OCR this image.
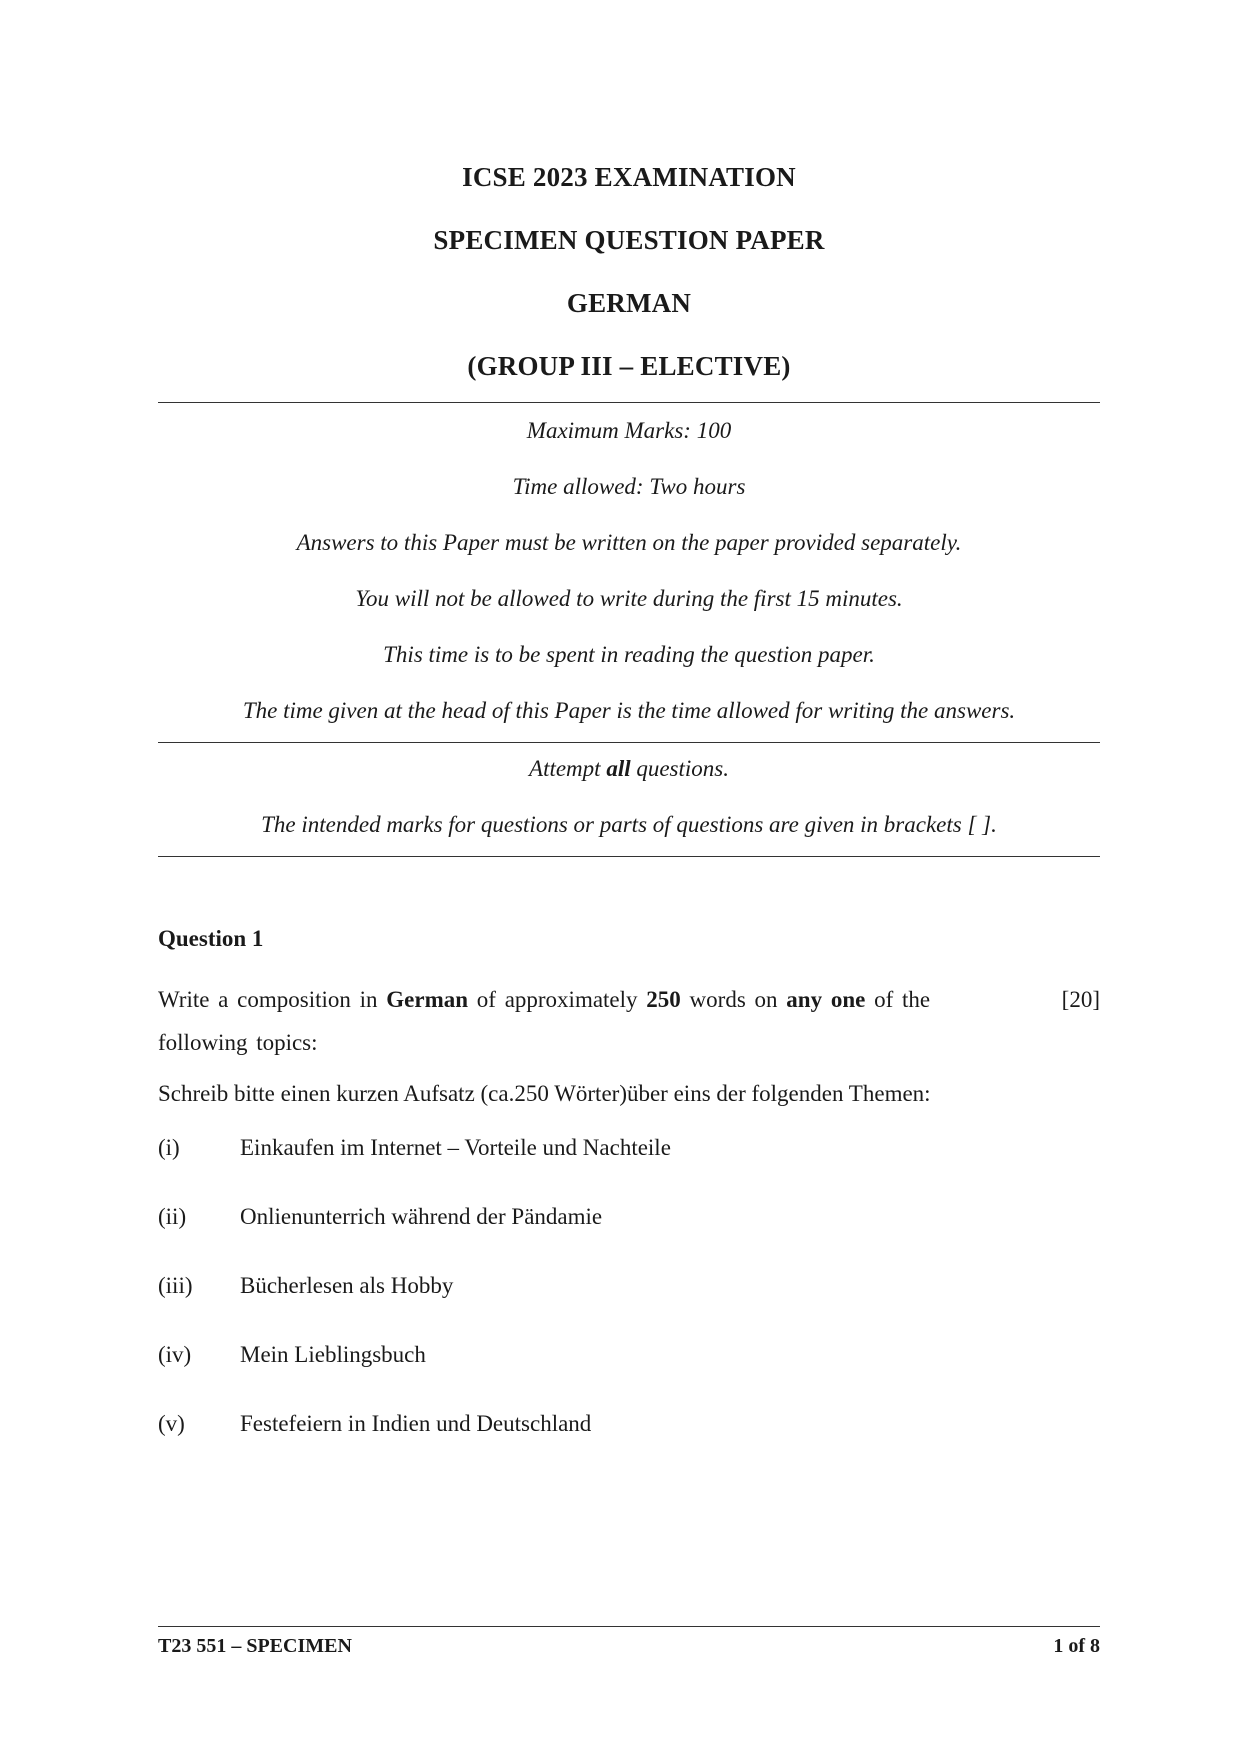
ICSE 2023 EXAMINATION
SPECIMEN QUESTION PAPER
GERMAN
(GROUP III – ELECTIVE)
Maximum Marks: 100
Time allowed: Two hours
Answers to this Paper must be written on the paper provided separately.
You will not be allowed to write during the first 15 minutes.
This time is to be spent in reading the question paper.
The time given at the head of this Paper is the time allowed for writing the answers.
Attempt all questions.
The intended marks for questions or parts of questions are given in brackets [ ].
Question 1
Write a composition in German of approximately 250 words on any one of the following topics:
[20]
Schreib bitte einen kurzen Aufsatz (ca.250 Wörter)über eins der folgenden Themen:
(i)	Einkaufen im Internet – Vorteile und Nachteile
(ii) Onlienunterrich während der Pändamie
(iii) Bücherlesen als Hobby
(iv) Mein Lieblingsbuch
(v) Festefeiern in Indien und Deutschland
T23 551 – SPECIMEN	1 of 8
